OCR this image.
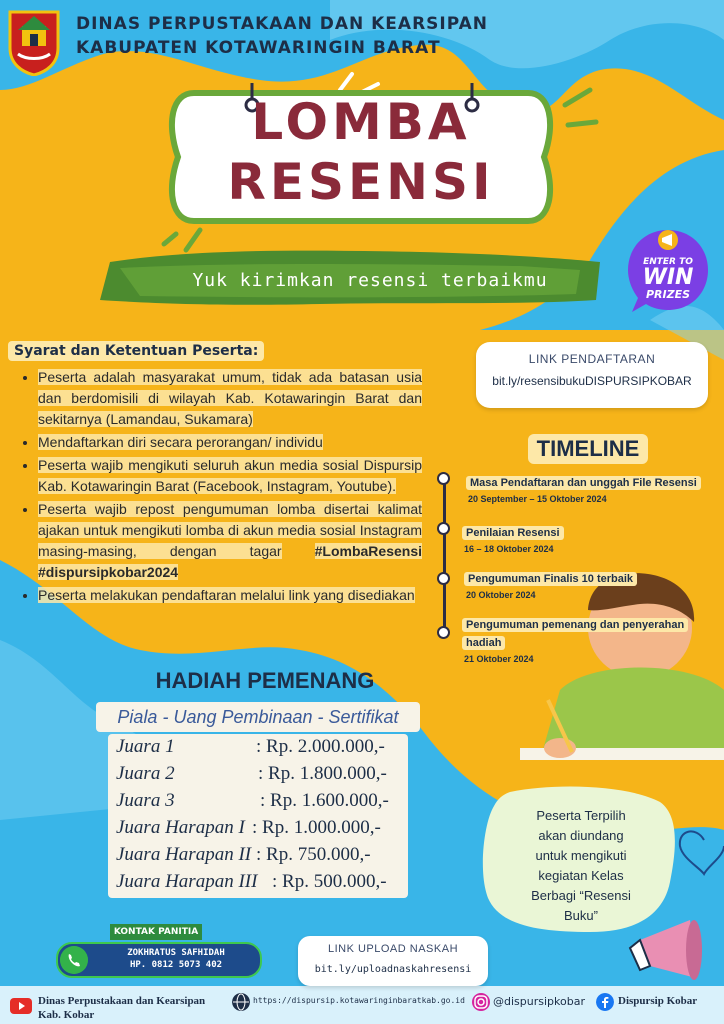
DINAS PERPUSTAKAAN DAN KEARSIPAN
KABUPATEN KOTAWARINGIN BARAT
LOMBA
RESENSI
Yuk kirimkan resensi terbaikmu
ENTER TO
WIN
PRIZES
Syarat dan Ketentuan Peserta:
• Peserta adalah masyarakat umum, tidak ada batasan usia dan berdomisili di wilayah Kab. Kotawaringin Barat dan sekitarnya (Lamandau, Sukamara)
• Mendaftarkan diri secara perorangan/ individu
• Peserta wajib mengikuti seluruh akun media sosial Dispursip Kab. Kotawaringin Barat (Facebook, Instagram, Youtube).
• Peserta wajib repost pengumuman lomba disertai kalimat ajakan untuk mengikuti lomba di akun media sosial Instagram masing-masing, dengan tagar #LombaResensi #dispursipkobar2024
• Peserta melakukan pendaftaran melalui link yang disediakan
LINK PENDAFTARAN
bit.ly/resensibukuDISPURSIPKOBAR
TIMELINE
Masa Pendaftaran dan unggah File Resensi
20 September – 15 Oktober 2024
Penilaian Resensi
16 – 18 Oktober 2024
Pengumuman Finalis 10 terbaik
20 Oktober 2024
Pengumuman pemenang dan penyerahan
hadiah
21 Oktober 2024
HADIAH PEMENANG
Piala - Uang Pembinaan - Sertifikat
Juara 1	: Rp. 2.000.000,-
Juara 2	: Rp. 1.800.000,-
Juara 3	: Rp. 1.600.000,-
Juara Harapan I : Rp. 1.000.000,-
Juara Harapan II : Rp. 750.000,-
Juara Harapan III : Rp. 500.000,-
Peserta Terpilih
akan diundang
untuk mengikuti
kegiatan Kelas
Berbagi “Resensi
Buku”
KONTAK PANITIA
ZOKHRATUS SAFHIDAH
HP. 0812 5073 402
LINK UPLOAD NASKAH
bit.ly/uploadnaskahresensi
Dinas Perpustakaan dan Kearsipan
Kab. Kobar
https://dispursip.kotawaringinbaratkab.go.id	@dispursipkobar	Dispursip Kobar
